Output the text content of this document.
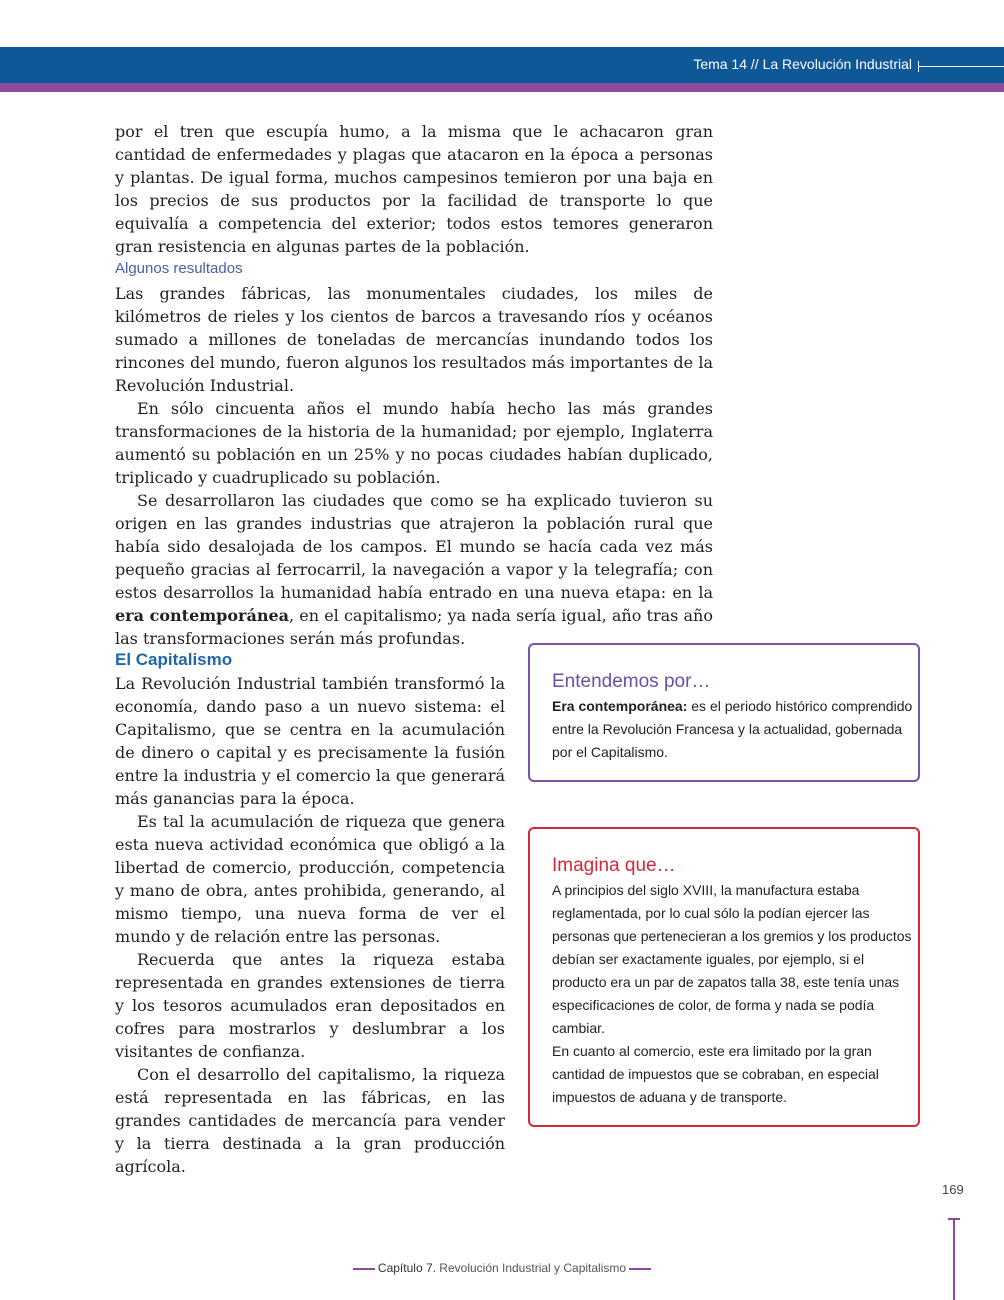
Tema 14 // La Revolución Industrial

por el tren que escupía humo, a la misma que le achacaron gran cantidad de enfermedades y plagas que atacaron en la época a personas y plantas. De igual forma, muchos campesinos temieron por una baja en los precios de sus productos por la facilidad de transporte lo que equivalía a competencia del exterior; todos estos temores generaron gran resistencia en algunas partes de la población.

Algunos resultados

Las grandes fábricas, las monumentales ciudades, los miles de kilómetros de rieles y los cientos de barcos a travesando ríos y océanos sumado a millones de toneladas de mercancías inundando todos los rincones del mundo, fueron algunos los resultados más importantes de la Revolución Industrial.

En sólo cincuenta años el mundo había hecho las más grandes transformaciones de la historia de la humanidad; por ejemplo, Inglaterra aumentó su población en un 25% y no pocas ciudades habían duplicado, triplicado y cuadruplicado su población.

Se desarrollaron las ciudades que como se ha explicado tuvieron su origen en las grandes industrias que atrajeron la población rural que había sido desalojada de los campos. El mundo se hacía cada vez más pequeño gracias al ferrocarril, la navegación a vapor y la telegrafía; con estos desarrollos la humanidad había entrado en una nueva etapa: en la era contemporánea, en el capitalismo; ya nada sería igual, año tras año las transformaciones serán más profundas.

El Capitalismo

La Revolución Industrial también transformó la economía, dando paso a un nuevo sistema: el Capitalismo, que se centra en la acumulación de dinero o capital y es precisamente la fusión entre la industria y el comercio la que generará más ganancias para la época.

Es tal la acumulación de riqueza que genera esta nueva actividad económica que obligó a la libertad de comercio, producción, competencia y mano de obra, antes prohibida, generando, al mismo tiempo, una nueva forma de ver el mundo y de relación entre las personas.

Recuerda que antes la riqueza estaba representada en grandes extensiones de tierra y los tesoros acumulados eran depositados en cofres para mostrarlos y deslumbrar a los visitantes de confianza.

Con el desarrollo del capitalismo, la riqueza está representada en las fábricas, en las grandes cantidades de mercancía para vender y la tierra destinada a la gran producción agrícola.

Entendemos por…

Era contemporánea: es el periodo histórico comprendido entre la Revolución Francesa y la actualidad, gobernada por el Capitalismo.

Imagina que…

A principios del siglo XVIII, la manufactura estaba reglamentada, por lo cual sólo la podían ejercer las personas que pertenecieran a los gremios y los productos debían ser exactamente iguales, por ejemplo, si el producto era un par de zapatos talla 38, este tenía unas especificaciones de color, de forma y nada se podía cambiar.

En cuanto al comercio, este era limitado por la gran cantidad de impuestos que se cobraban, en especial impuestos de aduana y de transporte.

169
Capítulo 7. Revolución Industrial y Capitalismo
